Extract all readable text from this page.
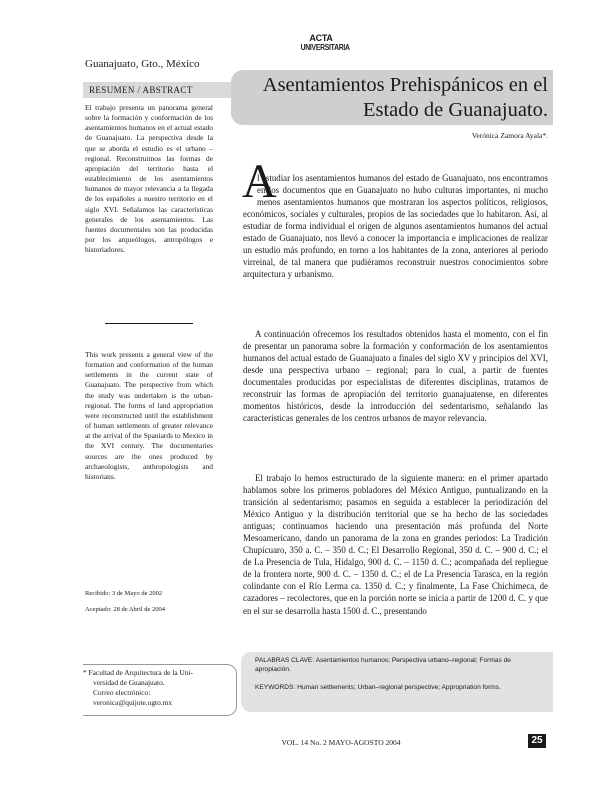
Guanajuato, Gto., México
ACTA
UNIVERSITARIA
RESUMEN / ABSTRACT	Asentamientos Prehispánicos en el
Estado de Guanajuato.
Verónica Zamora Ayala*.
El trabajo presenta un panorama general sobre la formación y conformación de los asentamientos humanos en el actual estado de Guanajuato. La perspectiva desde la que se aborda el estudio es el urbano – regional. Reconstruimos las formas de apropiación del territorio hasta el establecimiento de los asentamientos humanos de mayor relevancia a la llegada de los españoles a nuestro territorio en el siglo XVI. Señalamos las características generales de los asentamientos. Las fuentes documentales son las producidas por los arqueólogos, antropólogos e historiadores.
This work presents a general view of the formation and conformation of the human settlements in the current state of Guanajuato. The perspective from which the study was undertaken is the urban- regional. The forms of land appropriation were reconstructed until the establishment of human settlements of greater relevance at the arrival of the Spaniards to Mexico in the XVI century. The documentaries sources are the ones produced by archaeologists, anthropologists and historians.
Recibido: 3 de Mayo de 2002
Aceptado: 28 de Abril de 2004
* Facultad de Arquitectura de la Uni-
versidad de Guanajuato.
Correo electrónico:
veronica@quijote.ugto.mx
A

l estudiar los asentamientos humanos del estado de Guanajuato, nos encontramos en los documentos que en Guanajuato no hubo culturas importantes, ni mucho menos asentamientos humanos que mostraran los aspectos políticos, religiosos, económicos, sociales y culturales, propios de las sociedades que lo habitaron. Así, al estudiar de forma individual el origen de algunos asentamientos humanos del actual estado de Guanajuato, nos llevó a conocer la importancia e implicaciones de realizar un estudio más profundo, en torno a los habitantes de la zona, anteriores al periodo virreinal, de tal manera que pudiéramos reconstruir nuestros conocimientos sobre arquitectura y urbanismo.

A continuación ofrecemos los resultados obtenidos hasta el momento, con el fin de presentar un panorama sobre la formación y conformación de los asentamientos humanos del actual estado de Guanajuato a finales del siglo XV y principios del XVI, desde una perspectiva urbano – regional; para lo cual, a partir de fuentes documentales producidas por especialistas de diferentes disciplinas, tratamos de reconstruir las formas de apropiación del territorio guanajuatense, en diferentes momentos históricos, desde la introducción del sedentarismo, señalando las características generales de los centros urbanos de mayor relevancia.

El trabajo lo hemos estructurado de la siguiente manera: en el primer apartado hablamos sobre los primeros pobladores del México Antiguo, puntualizando en la transición al sedentarismo; pasamos en seguida a establecer la periodización del México Antiguo y la distribución territorial que se ha hecho de las sociedades antiguas; continuamos haciendo una presentación más profunda del Norte Mesoamericano, dando un panorama de la zona en grandes periodos: La Tradición Chupícuaro, 350 a. C. – 350 d. C.; El Desarrollo Regional, 350 d. C. – 900 d. C.; el de La Presencia de Tula, Hidalgo, 900 d. C. – 1150 d. C.; acompañada del repliegue de la frontera norte, 900 d. C. – 1350 d. C.; el de La Presencia Tarasca, en la región colindante con el Río Lerma ca. 1350 d. C.; y finalmente, La Fase Chichimeca, de cazadores – recolectores, que en la porción norte se inicia a partir de 1200 d. C. y que en el sur se desarrolla hasta 1500 d. C., presentando

PALABRAS CLAVE: Asentamientos humanos; Perspectiva urbano–regional; Formas de apropiación.
KEYWORDS: Human settlements; Urban–regional perspective; Appropriation forms.
VOL. 14 No. 2 MAYO-AGOSTO 2004	25
